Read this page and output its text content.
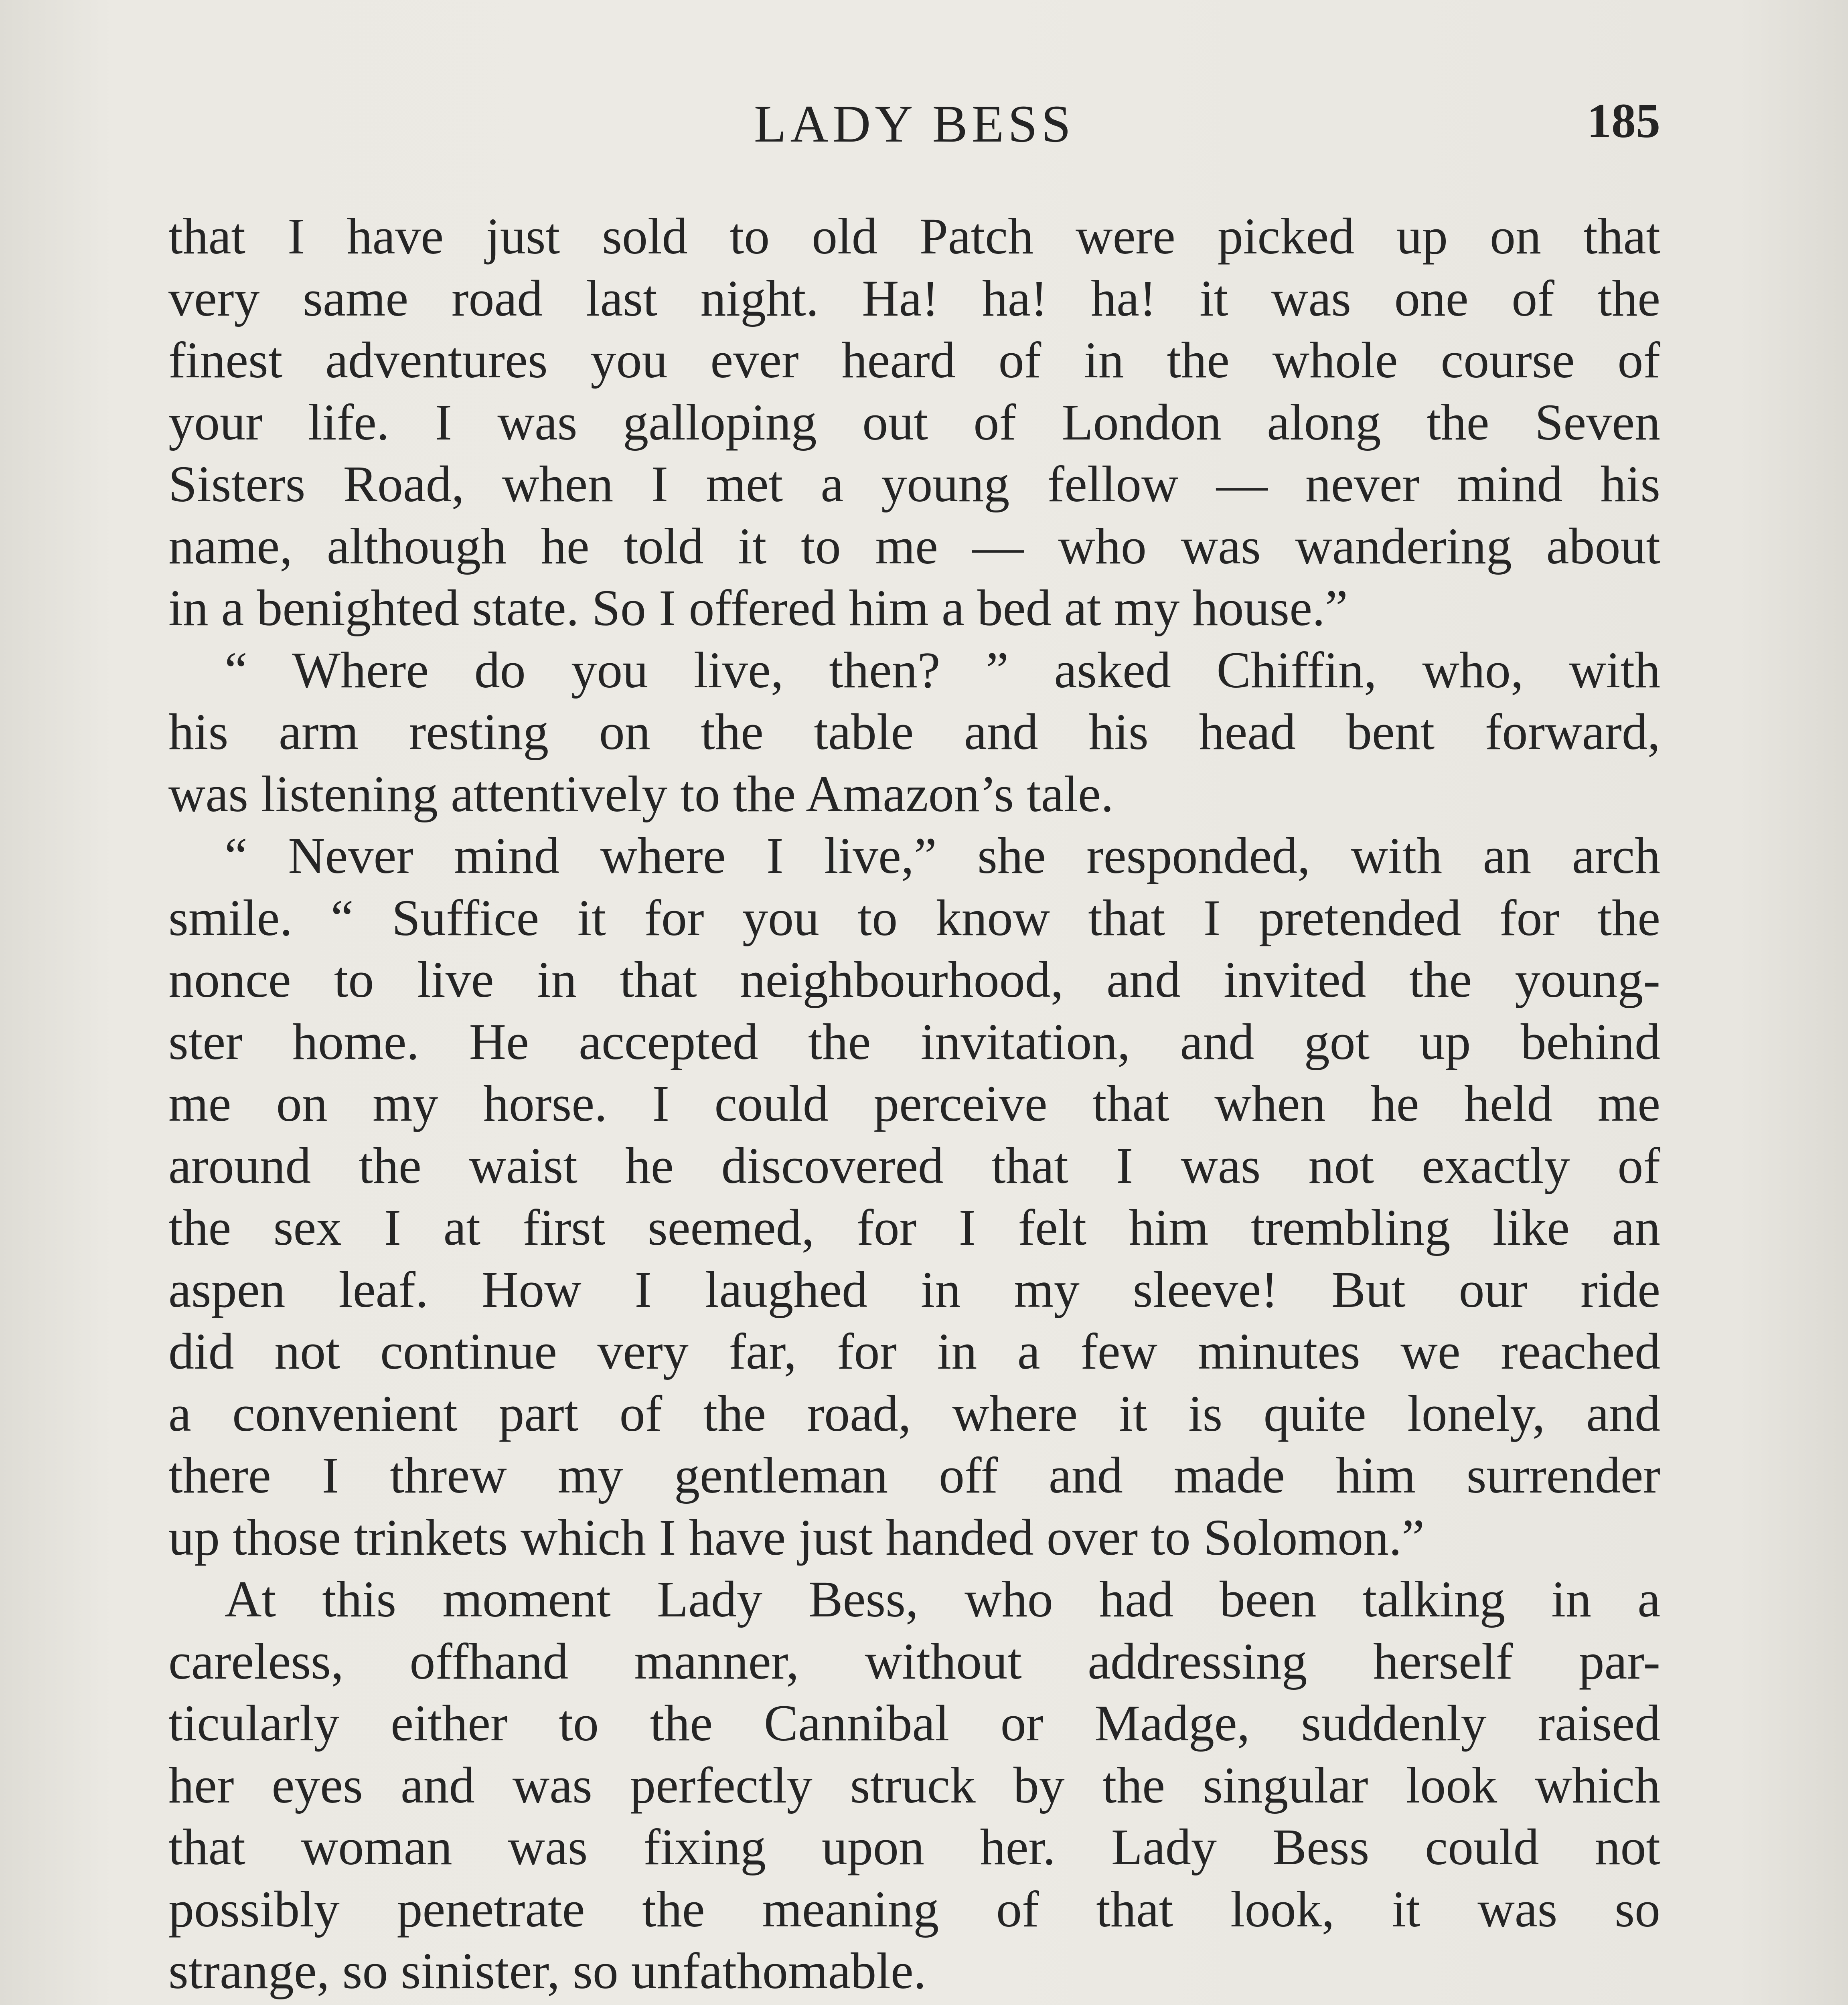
LADY BESS	185
that I have just sold to old Patch were picked up on that
very same road last night. Ha! ha! ha! it was one of the
finest adventures you ever heard of in the whole course of
your life. I was galloping out of London along the Seven
Sisters Road, when I met a young fellow — never mind his
name, although he told it to me — who was wandering about
in a benighted state. So I offered him a bed at my house.”
“ Where do you live, then? ” asked Chiffin, who, with
his arm resting on the table and his head bent forward,
was listening attentively to the Amazon’s tale.
“ Never mind where I live,” she responded, with an arch
smile. “ Suffice it for you to know that I pretended for the
nonce to live in that neighbourhood, and invited the young-
ster home. He accepted the invitation, and got up behind
me on my horse. I could perceive that when he held me
around the waist he discovered that I was not exactly of
the sex I at first seemed, for I felt him trembling like an
aspen leaf. How I laughed in my sleeve! But our ride
did not continue very far, for in a few minutes we reached
a convenient part of the road, where it is quite lonely, and
there I threw my gentleman off and made him surrender
up those trinkets which I have just handed over to Solomon.”
At this moment Lady Bess, who had been talking in a
careless, offhand manner, without addressing herself par-
ticularly either to the Cannibal or Madge, suddenly raised
her eyes and was perfectly struck by the singular look which
that woman was fixing upon her. Lady Bess could not
possibly penetrate the meaning of that look, it was so
strange, so sinister, so unfathomable.
